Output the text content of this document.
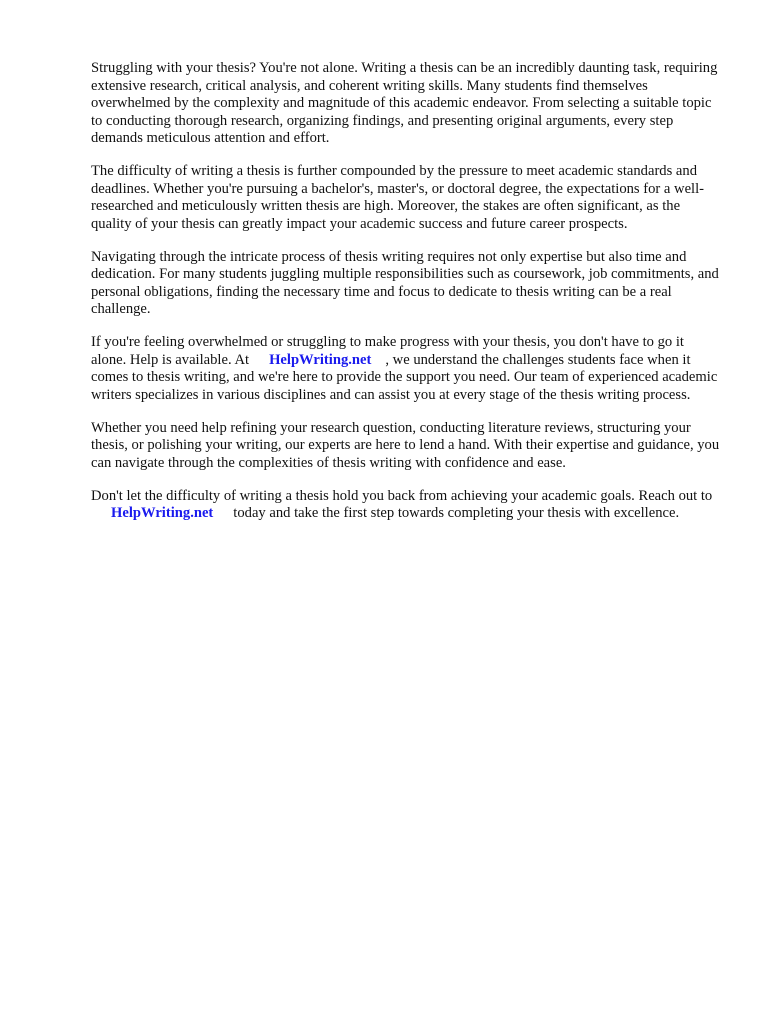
Struggling with your thesis? You're not alone. Writing a thesis can be an incredibly daunting task, requiring extensive research, critical analysis, and coherent writing skills. Many students find themselves overwhelmed by the complexity and magnitude of this academic endeavor. From selecting a suitable topic to conducting thorough research, organizing findings, and presenting original arguments, every step demands meticulous attention and effort.

The difficulty of writing a thesis is further compounded by the pressure to meet academic standards and deadlines. Whether you're pursuing a bachelor's, master's, or doctoral degree, the expectations for a well-researched and meticulously written thesis are high. Moreover, the stakes are often significant, as the quality of your thesis can greatly impact your academic success and future career prospects.

Navigating through the intricate process of thesis writing requires not only expertise but also time and dedication. For many students juggling multiple responsibilities such as coursework, job commitments, and personal obligations, finding the necessary time and focus to dedicate to thesis writing can be a real challenge.

If you're feeling overwhelmed or struggling to make progress with your thesis, you don't have to go it alone. Help is available. At HelpWriting.net , we understand the challenges students face when it comes to thesis writing, and we're here to provide the support you need. Our team of experienced academic writers specializes in various disciplines and can assist you at every stage of the thesis writing process.

Whether you need help refining your research question, conducting literature reviews, structuring your thesis, or polishing your writing, our experts are here to lend a hand. With their expertise and guidance, you can navigate through the complexities of thesis writing with confidence and ease.

Don't let the difficulty of writing a thesis hold you back from achieving your academic goals. Reach out toHelpWriting.net today and take the first step towards completing your thesis with excellence.
